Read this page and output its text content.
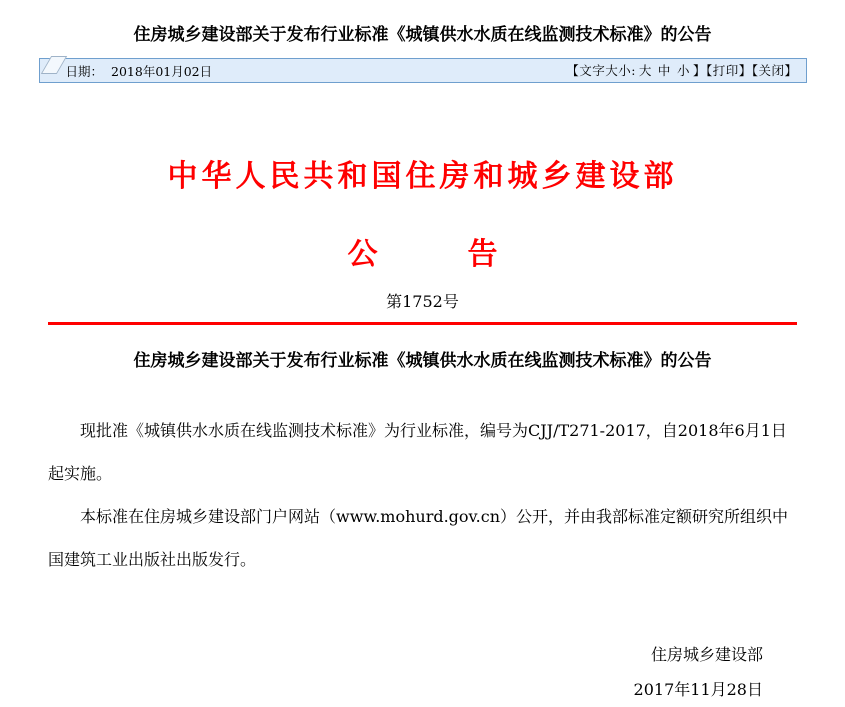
住房城乡建设部关于发布行业标准《城镇供水水质在线监测技术标准》的公告
日期： 2018年01月02日	【文字大小: 大 中 小 】【打印】【关闭】
中华人民共和国住房和城乡建设部
公　　　告
第1752号
住房城乡建设部关于发布行业标准《城镇供水水质在线监测技术标准》的公告

现批准《城镇供水水质在线监测技术标准》为行业标准，编号为CJJ/T271-2017，自2018年6月1日起实施。

本标准在住房城乡建设部门户网站（www.mohurd.gov.cn）公开，并由我部标准定额研究所组织中国建筑工业出版社出版发行。

住房城乡建设部
2017年11月28日
